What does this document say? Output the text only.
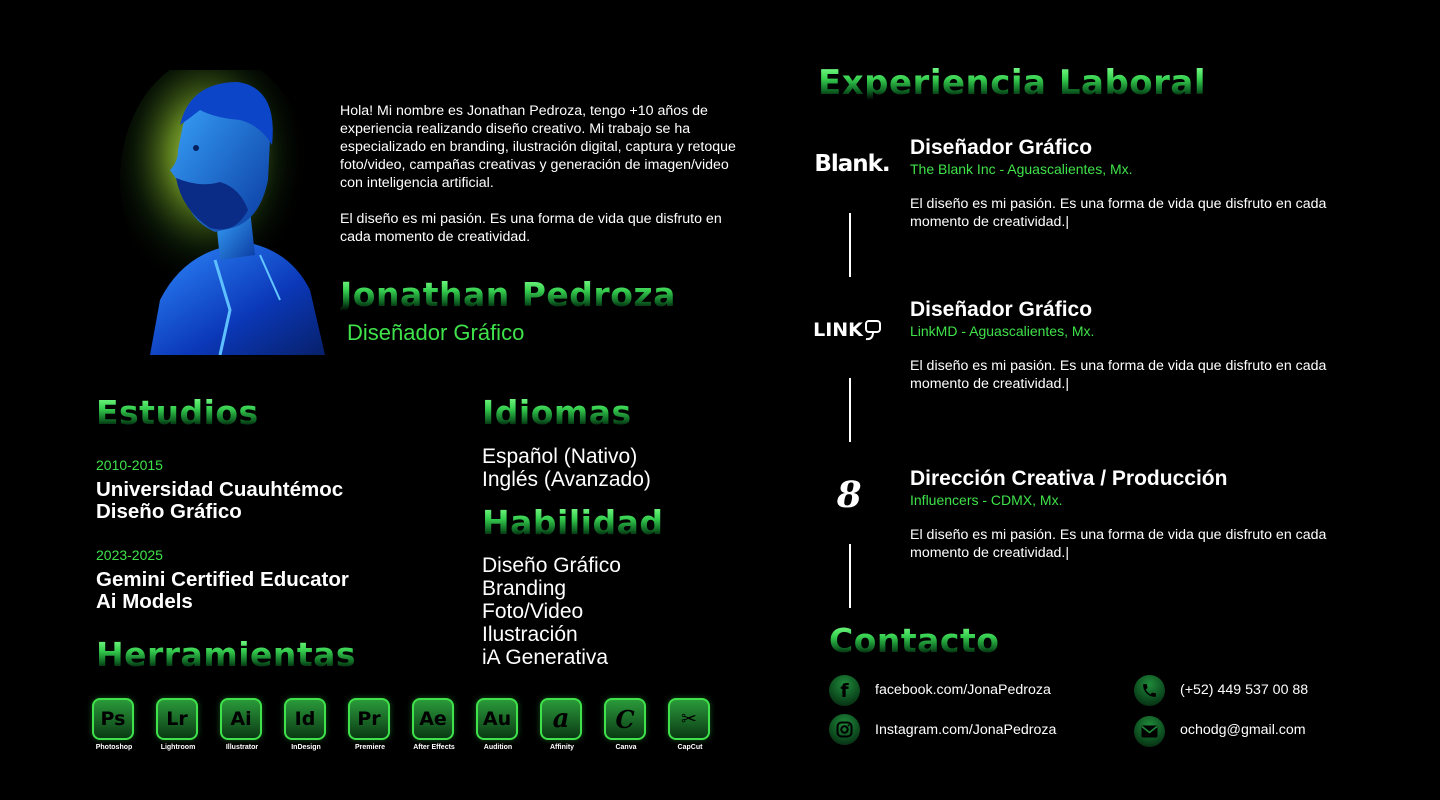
Hola! Mi nombre es Jonathan Pedroza, tengo +10 años de experiencia realizando diseño creativo. Mi trabajo se ha especializado en branding, ilustración digital, captura y retoque foto/video, campañas creativas y generación de imagen/video con inteligencia artificial.

El diseño es mi pasión. Es una forma de vida que disfruto en cada momento de creatividad.

Jonathan Pedroza
Diseñador Gráfico
Estudios
2010-2015
Universidad Cuauhtémoc
Diseño Gráfico
2023-2025
Gemini Certified Educator
Ai Models
Idiomas
Español (Nativo)
Inglés (Avanzado)
Habilidad
Diseño Gráfico
Branding
Foto/Video
Ilustración
iA Generativa
Herramientas
Ps
Photoshop
Lr
Lightroom
Ai
Illustrator
Id
InDesign
Pr
Premiere
Ae
After Effects
Au
Audition
a
Affinity
C
Canva
✂
CapCut
Experiencia Laboral
Blank.
Diseñador Gráfico
The Blank Inc - Aguascalientes, Mx.
El diseño es mi pasión. Es una forma de vida que disfruto en cada momento de creatividad.|
LINK
Diseñador Gráfico
LinkMD - Aguascalientes, Mx.
El diseño es mi pasión. Es una forma de vida que disfruto en cada momento de creatividad.|
8 Dirección Creativa / Producción
Influencers - CDMX, Mx.
El diseño es mi pasión. Es una forma de vida que disfruto en cada momento de creatividad.|
Contacto
f facebook.com/JonaPedroza
Instagram.com/JonaPedroza
(+52) 449 537 00 88
ochodg@gmail.com
